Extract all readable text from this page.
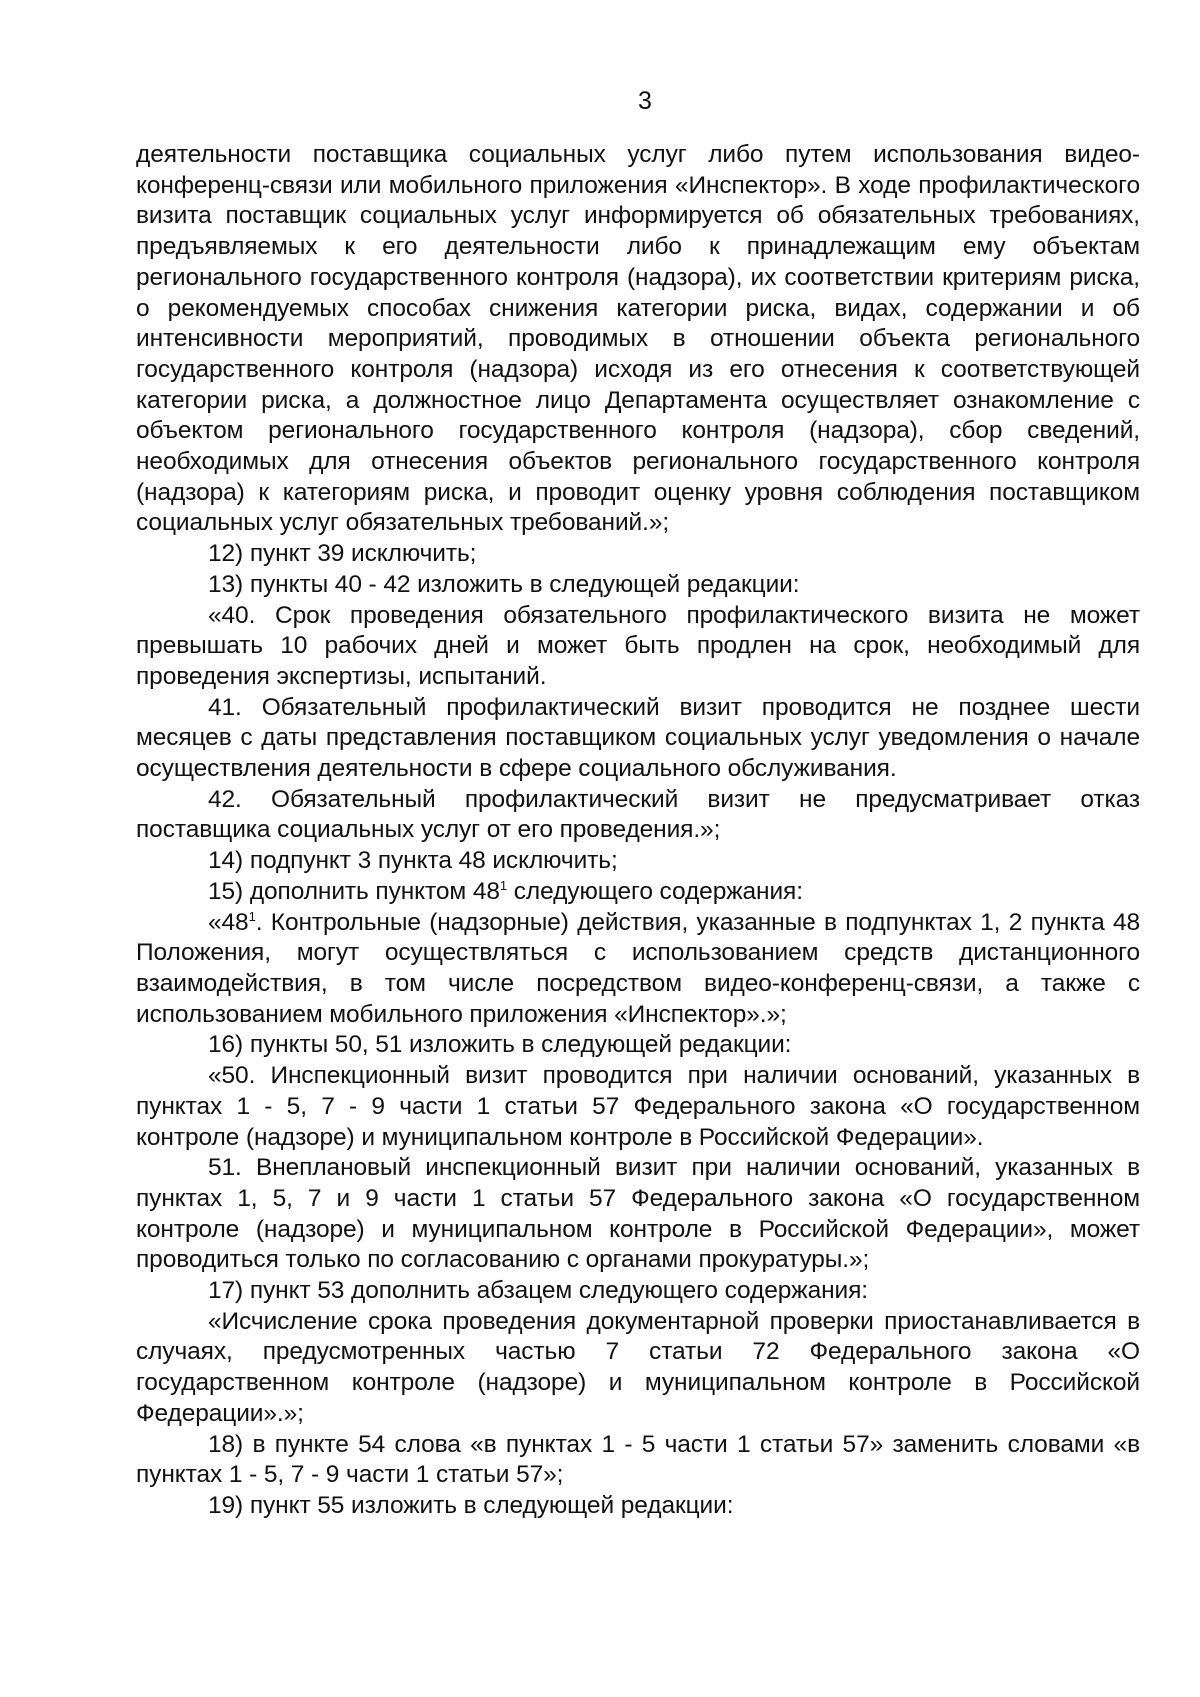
3

деятельности поставщика социальных услуг либо путем использования видео-конференц-связи или мобильного приложения «Инспектор». В ходе профилактического визита поставщик социальных услуг информируется об обязательных требованиях, предъявляемых к его деятельности либо к принадлежащим ему объектам регионального государственного контроля (надзора), их соответствии критериям риска, о рекомендуемых способах снижения категории риска, видах, содержании и об интенсивности мероприятий, проводимых в отношении объекта регионального государственного контроля (надзора) исходя из его отнесения к соответствующей категории риска, а должностное лицо Департамента осуществляет ознакомление с объектом регионального государственного контроля (надзора), сбор сведений, необходимых для отнесения объектов регионального государственного контроля (надзора) к категориям риска, и проводит оценку уровня соблюдения поставщиком социальных услуг обязательных требований.»;

12) пункт 39 исключить;

13) пункты 40 - 42 изложить в следующей редакции:

«40. Срок проведения обязательного профилактического визита не может превышать 10 рабочих дней и может быть продлен на срок, необходимый для проведения экспертизы, испытаний.

41. Обязательный профилактический визит проводится не позднее шести месяцев с даты представления поставщиком социальных услуг уведомления о начале осуществления деятельности в сфере социального обслуживания.

42. Обязательный профилактический визит не предусматривает отказ поставщика социальных услуг от его проведения.»;

14) подпункт 3 пункта 48 исключить;

15) дополнить пунктом $48^1$ следующего содержания:

«$48^1$. Контрольные (надзорные) действия, указанные в подпунктах 1, 2 пункта 48 Положения, могут осуществляться с использованием средств дистанционного взаимодействия, в том числе посредством видео-конференц-связи, а также с использованием мобильного приложения «Инспектор».»;

16) пункты 50, 51 изложить в следующей редакции:

«50. Инспекционный визит проводится при наличии оснований, указанных в пунктах 1 - 5, 7 - 9 части 1 статьи 57 Федерального закона «О государственном контроле (надзоре) и муниципальном контроле в Российской Федерации».

51. Внеплановый инспекционный визит при наличии оснований, указанных в пунктах 1, 5, 7 и 9 части 1 статьи 57 Федерального закона «О государственном контроле (надзоре) и муниципальном контроле в Российской Федерации», может проводиться только по согласованию с органами прокуратуры.»;

17) пункт 53 дополнить абзацем следующего содержания:

«Исчисление срока проведения документарной проверки приостанавливается в случаях, предусмотренных частью 7 статьи 72 Федерального закона «О государственном контроле (надзоре) и муниципальном контроле в Российской Федерации».»;

18) в пункте 54 слова «в пунктах 1 - 5 части 1 статьи 57» заменить словами «в пунктах 1 - 5, 7 - 9 части 1 статьи 57»;

19) пункт 55 изложить в следующей редакции:
